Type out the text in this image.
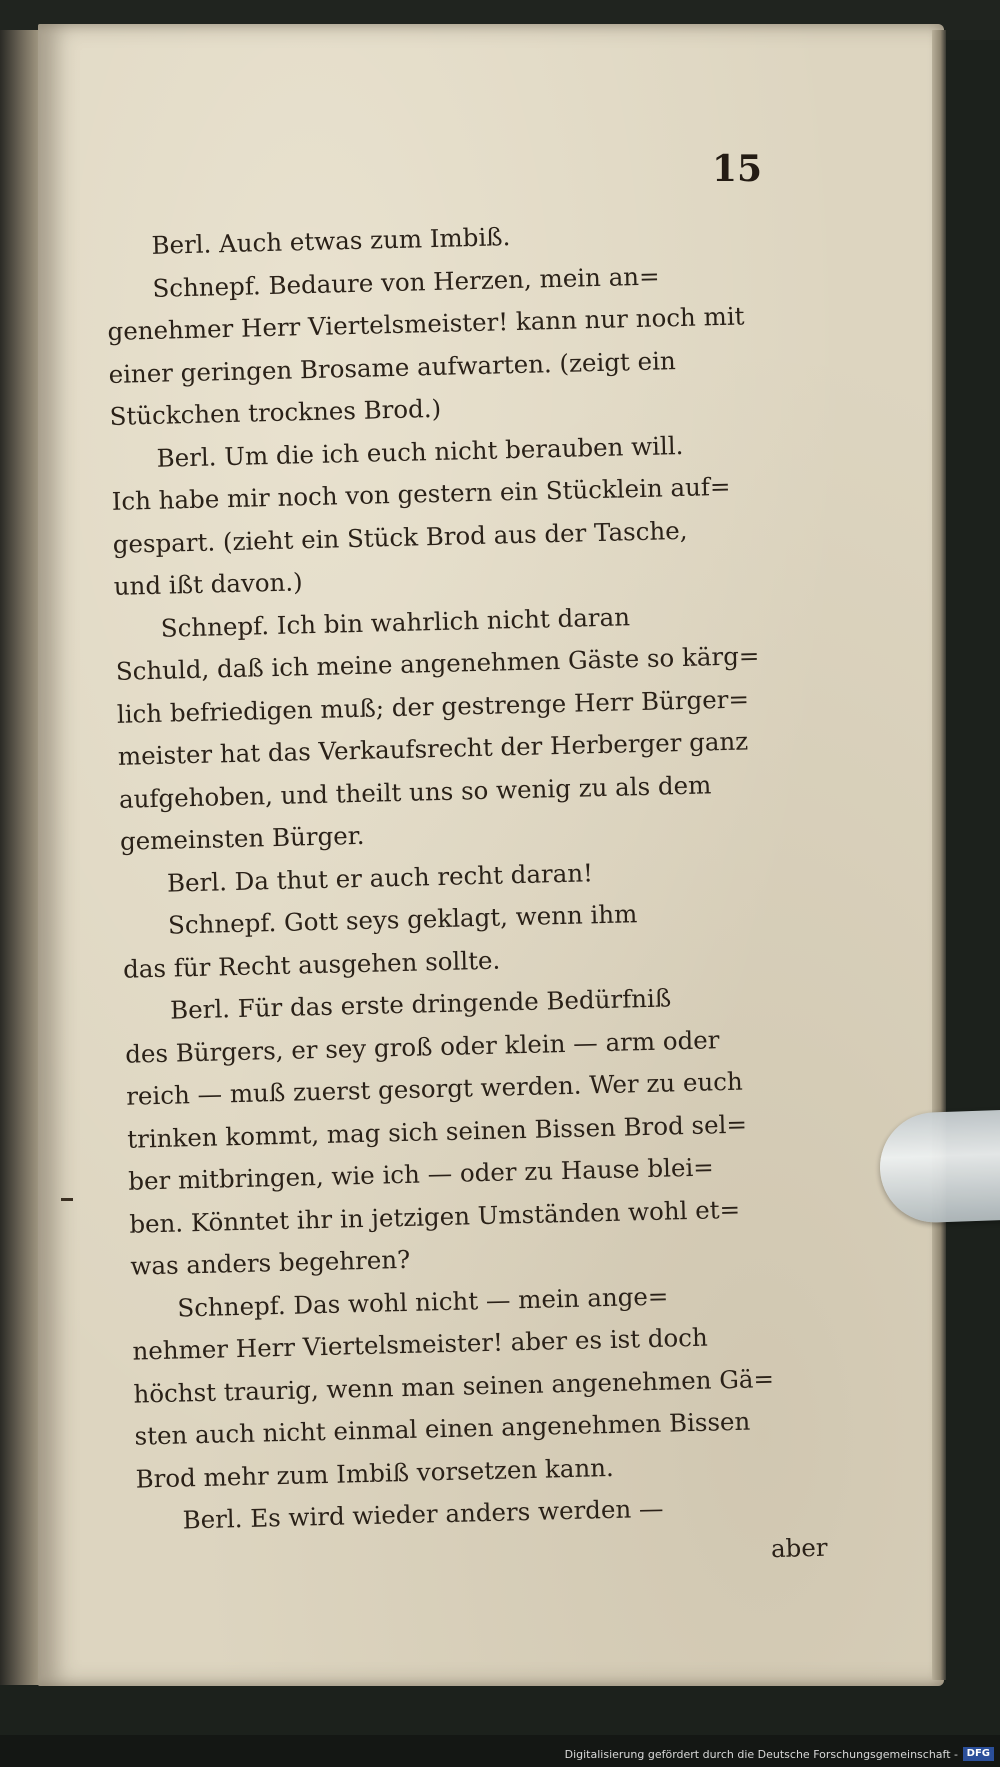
15
Berl. Auch etwas zum Imbiß.
Schnepf. Bedaure von Herzen, mein an=
genehmer Herr Viertelsmeister! kann nur noch mit
einer geringen Brosame aufwarten. (zeigt ein
Stückchen trocknes Brod.)
Berl. Um die ich euch nicht berauben will.
Ich habe mir noch von gestern ein Stücklein auf=
gespart. (zieht ein Stück Brod aus der Tasche,
und ißt davon.)
Schnepf. Ich bin wahrlich nicht daran
Schuld, daß ich meine angenehmen Gäste so kärg=
lich befriedigen muß; der gestrenge Herr Bürger=
meister hat das Verkaufsrecht der Herberger ganz
aufgehoben, und theilt uns so wenig zu als dem
gemeinsten Bürger.
Berl. Da thut er auch recht daran!
Schnepf. Gott seys geklagt, wenn ihm
das für Recht ausgehen sollte.
Berl. Für das erste dringende Bedürfniß
des Bürgers, er sey groß oder klein — arm oder
reich — muß zuerst gesorgt werden. Wer zu euch
trinken kommt, mag sich seinen Bissen Brod sel=
ber mitbringen, wie ich — oder zu Hause blei=
ben. Könntet ihr in jetzigen Umständen wohl et=
was anders begehren?
Schnepf. Das wohl nicht — mein ange=
nehmer Herr Viertelsmeister! aber es ist doch
höchst traurig, wenn man seinen angenehmen Gä=
sten auch nicht einmal einen angenehmen Bissen
Brod mehr zum Imbiß vorsetzen kann.
Berl. Es wird wieder anders werden —
aber
Digitalisierung gefördert durch die Deutsche Forschungsgemeinschaft - DFG
